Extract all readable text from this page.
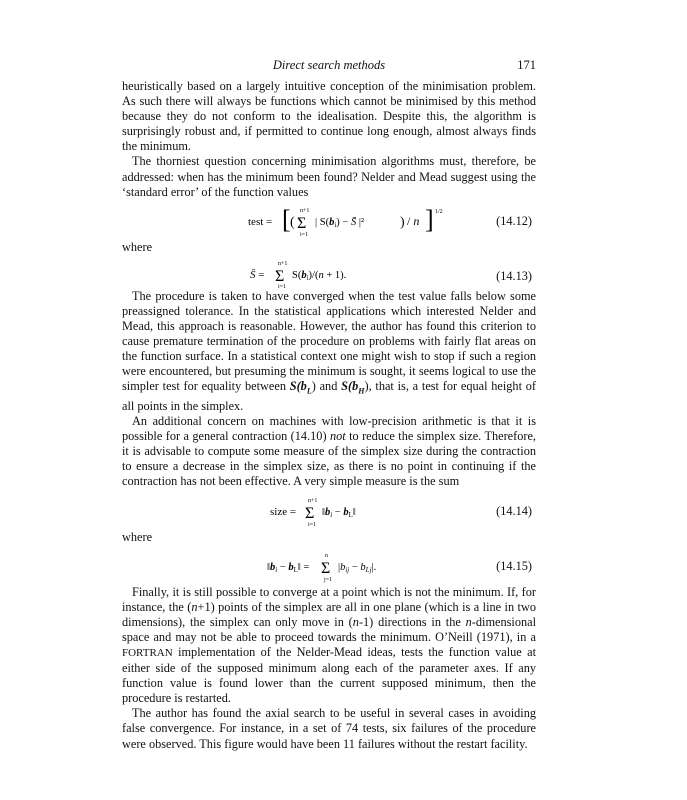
Direct search methods	171

heuristically based on a largely intuitive conception of the minimisation problem. As such there will always be functions which cannot be minimised by this method because they do not conform to the idealisation. Despite this, the algorithm is surprisingly robust and, if permitted to continue long enough, almost always finds the minimum.

The thorniest question concerning minimisation algorithms must, therefore, be addressed: when has the minimum been found? Nelder and Mead suggest using the ‘standard error’ of the function values

test = [ ( Σ
n+1
i=1
| S(bi) − S̄ |²	) / n ] 1/2
(14.12)

where

S̄ = Σ
n+1
i=1
S(bi)/(n + 1).	(14.13)

The procedure is taken to have converged when the test value falls below some preassigned tolerance. In the statistical applications which interested Nelder and Mead, this approach is reasonable. However, the author has found this criterion to cause premature termination of the procedure on problems with fairly flat areas on the function surface. In a statistical context one might wish to stop if such a region were encountered, but presuming the minimum is sought, it seems logical to use the simpler test for equality between $S(b_L)$ and $S(b_H)$, that is, a test for equal height of all points in the simplex.

An additional concern on machines with low-precision arithmetic is that it is possible for a general contraction (14.10) not to reduce the simplex size. Therefore, it is advisable to compute some measure of the simplex size during the contraction to ensure a decrease in the simplex size, as there is no point in continuing if the contraction has not been effective. A very simple measure is the sum

size = Σ
n+1
i=1
‖bi − bL‖	(14.14)

where

‖bi − bL‖ = Σ
n
j=1
|bij − bLj|.	(14.15)

Finally, it is still possible to converge at a point which is not the minimum. If, for instance, the (n+1) points of the simplex are all in one plane (which is a line in two dimensions), the simplex can only move in (n-1) directions in the n-dimensional space and may not be able to proceed towards the minimum. O’Neill (1971), in a FORTRAN implementation of the Nelder-Mead ideas, tests the function value at either side of the supposed minimum along each of the parameter axes. If any function value is found lower than the current supposed minimum, then the procedure is restarted.

The author has found the axial search to be useful in several cases in avoiding false convergence. For instance, in a set of 74 tests, six failures of the procedure were observed. This figure would have been 11 failures without the restart facility.
